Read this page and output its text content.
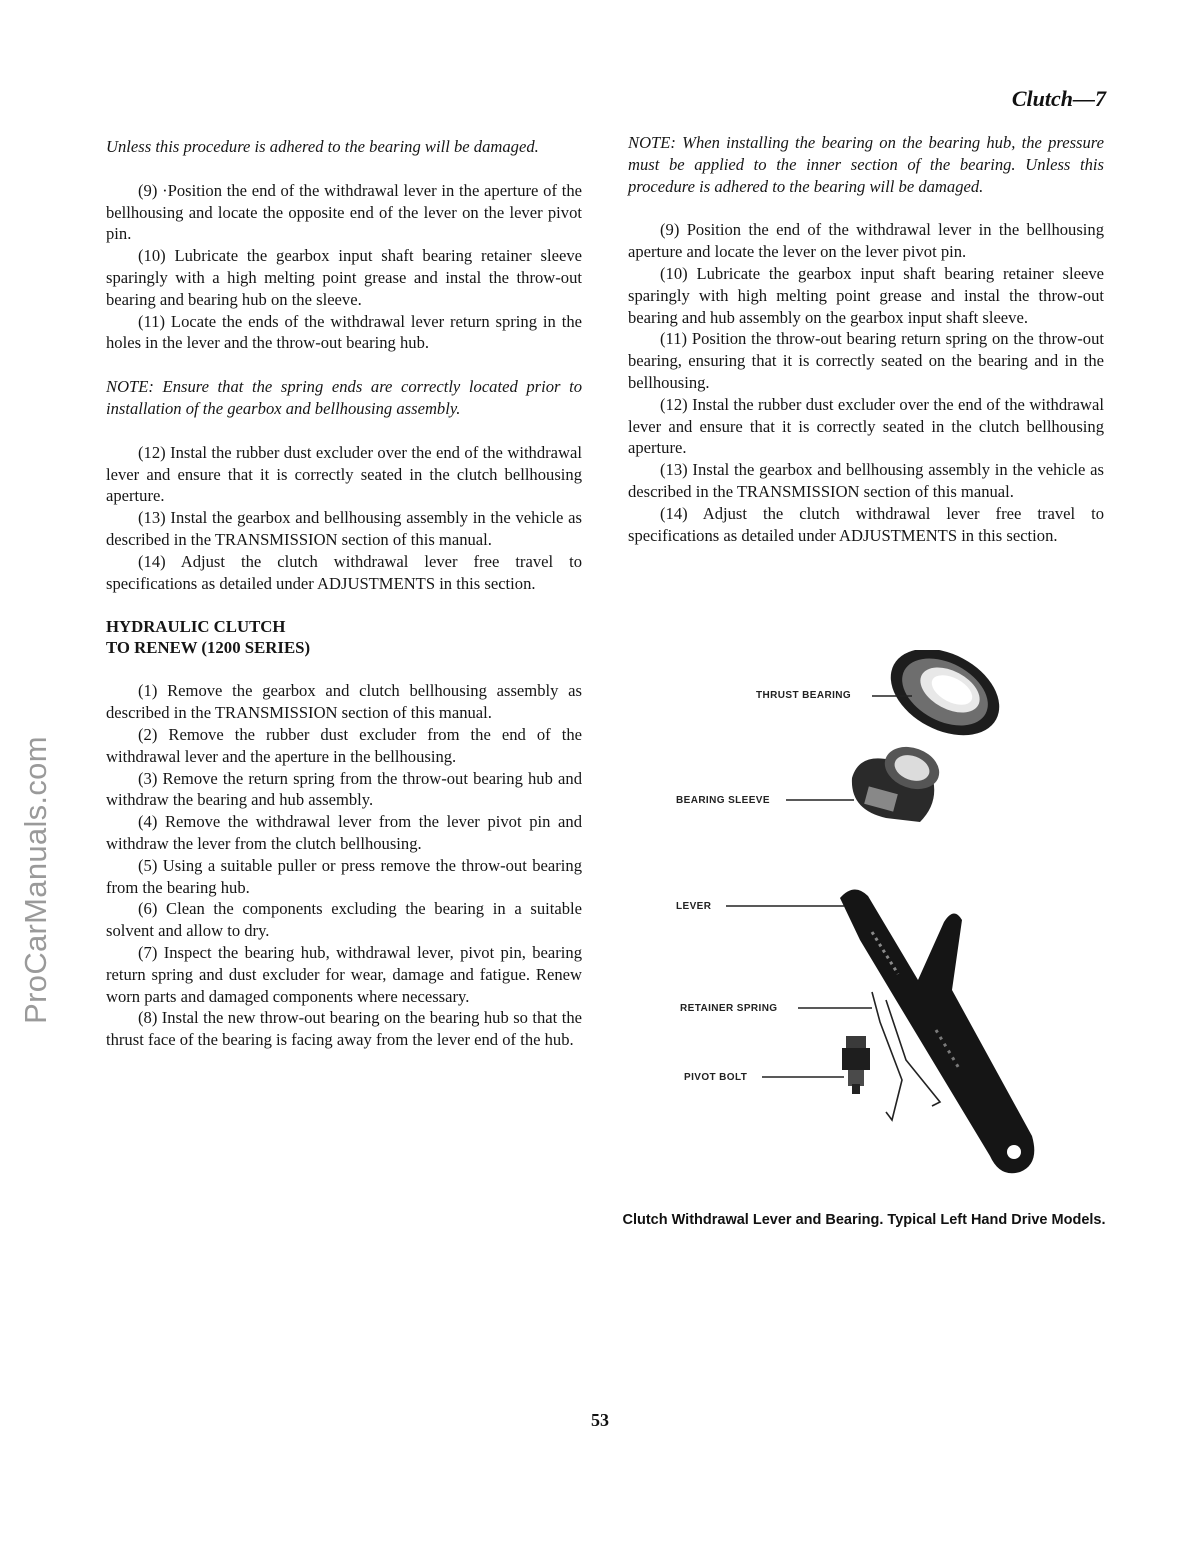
ProCarManuals.com
Clutch—7

Unless this procedure is adhered to the bearing will be damaged.

(9) ·Position the end of the withdrawal lever in the aperture of the bellhousing and locate the opposite end of the lever on the lever pivot pin.

(10) Lubricate the gearbox input shaft bearing retainer sleeve sparingly with a high melting point grease and instal the throw-out bearing and bearing hub on the sleeve.

(11) Locate the ends of the withdrawal lever return spring in the holes in the lever and the throw-out bearing hub.

NOTE: Ensure that the spring ends are correctly located prior to installation of the gearbox and bellhousing assembly.

(12) Instal the rubber dust excluder over the end of the withdrawal lever and ensure that it is correctly seated in the clutch bellhousing aperture.

(13) Instal the gearbox and bellhousing assembly in the vehicle as described in the TRANSMISSION section of this manual.

(14) Adjust the clutch withdrawal lever free travel to specifications as detailed under ADJUSTMENTS in this section.

HYDRAULIC CLUTCH

TO RENEW (1200 SERIES)

(1) Remove the gearbox and clutch bellhousing assembly as described in the TRANSMISSION section of this manual.

(2) Remove the rubber dust excluder from the end of the withdrawal lever and the aperture in the bellhousing.

(3) Remove the return spring from the throw-out bearing hub and withdraw the bearing and hub assembly.

(4) Remove the withdrawal lever from the lever pivot pin and withdraw the lever from the clutch bellhousing.

(5) Using a suitable puller or press remove the throw-out bearing from the bearing hub.

(6) Clean the components excluding the bearing in a suitable solvent and allow to dry.

(7) Inspect the bearing hub, withdrawal lever, pivot pin, bearing return spring and dust excluder for wear, damage and fatigue. Renew worn parts and damaged components where necessary.

(8) Instal the new throw-out bearing on the bearing hub so that the thrust face of the bearing is facing away from the lever end of the hub.

NOTE: When installing the bearing on the bearing hub, the pressure must be applied to the inner section of the bearing. Unless this procedure is adhered to the bearing will be damaged.

(9) Position the end of the withdrawal lever in the bellhousing aperture and locate the lever on the lever pivot pin.

(10) Lubricate the gearbox input shaft bearing retainer sleeve sparingly with high melting point grease and instal the throw-out bearing and hub assembly on the gearbox input shaft sleeve.

(11) Position the throw-out bearing return spring on the throw-out bearing, ensuring that it is correctly seated on the bearing and in the bellhousing.

(12) Instal the rubber dust excluder over the end of the withdrawal lever and ensure that it is correctly seated in the clutch bellhousing aperture.

(13) Instal the gearbox and bellhousing assembly in the vehicle as described in the TRANSMISSION section of this manual.

(14) Adjust the clutch withdrawal lever free travel to specifications as detailed under ADJUSTMENTS in this section.

THRUST BEARING
BEARING SLEEVE
LEVER
RETAINER SPRING
PIVOT BOLT
Clutch Withdrawal Lever and Bearing. Typical Left Hand Drive Models.
53
